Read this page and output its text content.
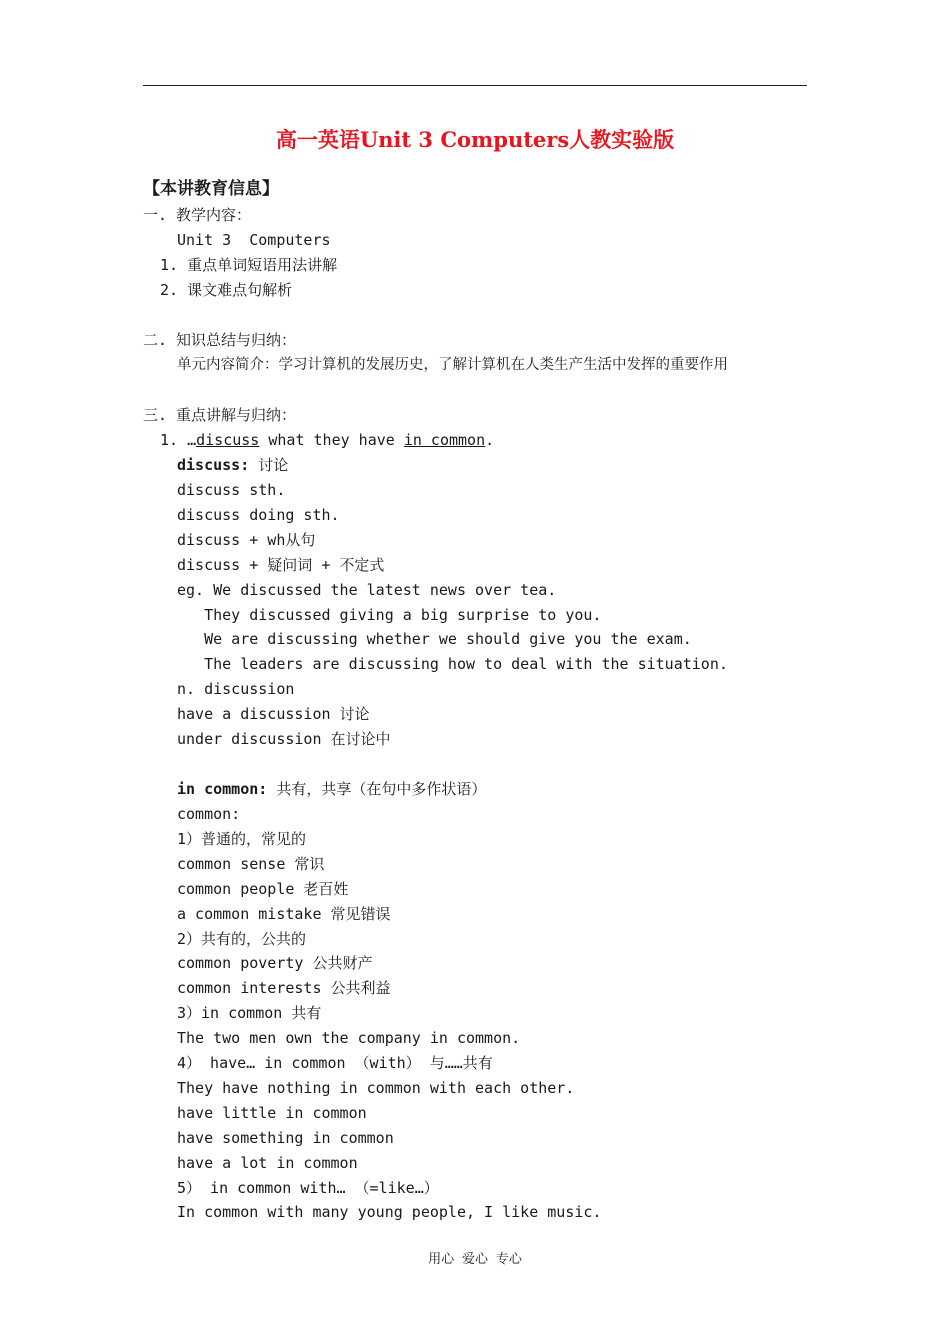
高一英语Unit 3 Computers人教实验版
【本讲教育信息】
一. 教学内容：
Unit 3  Computers
1. 重点单词短语用法讲解
2. 课文难点句解析
二. 知识总结与归纳：
单元内容简介：学习计算机的发展历史，了解计算机在人类生产生活中发挥的重要作用
三. 重点讲解与归纳：
1. …discuss what they have in common.
discuss: 讨论
discuss sth.
discuss doing sth.
discuss + wh从句
discuss + 疑问词 + 不定式
eg. We discussed the latest news over tea.
They discussed giving a big surprise to you.
We are discussing whether we should give you the exam.
The leaders are discussing how to deal with the situation.
n. discussion
have a discussion 讨论
under discussion 在讨论中
in common: 共有，共享（在句中多作状语）
common:
1）普通的，常见的
common sense 常识
common people 老百姓
a common mistake 常见错误
2）共有的，公共的
common poverty 公共财产
common interests 公共利益
3）in common 共有
The two men own the company in common.
4） have… in common （with） 与……共有
They have nothing in common with each other.
have little in common
have something in common
have a lot in common
5） in common with… （=like…）
In common with many young people, I like music.
用心 爱心 专心
